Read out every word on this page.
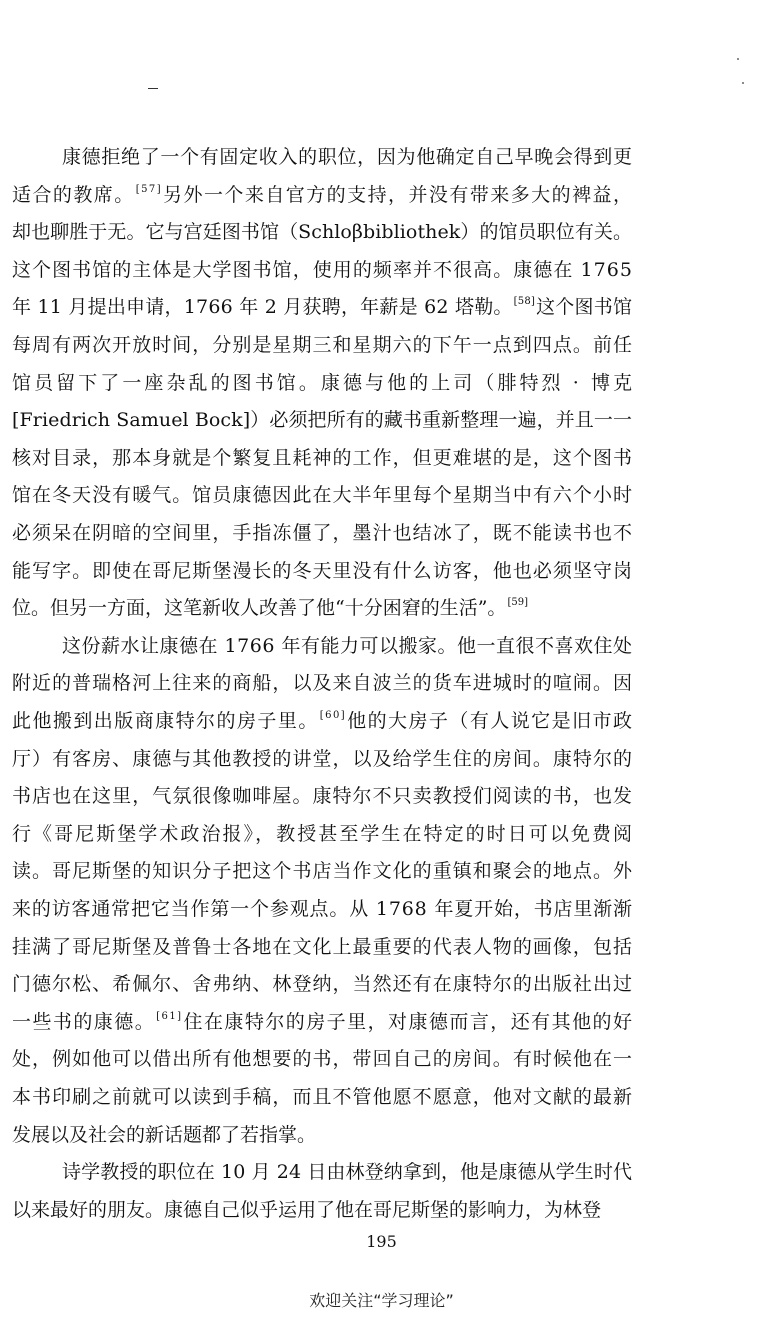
康德拒绝了一个有固定收入的职位，因为他确定自己早晚会得到更
适合的教席。[57]另外一个来自官方的支持，并没有带来多大的裨益，
却也聊胜于无。它与宫廷图书馆（Schloβbibliothek）的馆员职位有关。
这个图书馆的主体是大学图书馆，使用的频率并不很高。康德在 1765
年 11 月提出申请，1766 年 2 月获聘，年薪是 62 塔勒。[58]这个图书馆
每周有两次开放时间，分别是星期三和星期六的下午一点到四点。前任
馆员留下了一座杂乱的图书馆。康德与他的上司（腓特烈 · 博克
[Friedrich Samuel Bock]）必须把所有的藏书重新整理一遍，并且一一
核对目录，那本身就是个繁复且耗神的工作，但更难堪的是，这个图书
馆在冬天没有暖气。馆员康德因此在大半年里每个星期当中有六个小时
必须呆在阴暗的空间里，手指冻僵了，墨汁也结冰了，既不能读书也不
能写字。即使在哥尼斯堡漫长的冬天里没有什么访客，他也必须坚守岗
位。但另一方面，这笔新收人改善了他“十分困窘的生活”。[59]
这份薪水让康德在 1766 年有能力可以搬家。他一直很不喜欢住处
附近的普瑞格河上往来的商船，以及来自波兰的货车进城时的喧闹。因
此他搬到出版商康特尔的房子里。[60]他的大房子（有人说它是旧市政
厅）有客房、康德与其他教授的讲堂，以及给学生住的房间。康特尔的
书店也在这里，气氛很像咖啡屋。康特尔不只卖教授们阅读的书，也发
行《哥尼斯堡学术政治报》，教授甚至学生在特定的时日可以免费阅
读。哥尼斯堡的知识分子把这个书店当作文化的重镇和聚会的地点。外
来的访客通常把它当作第一个参观点。从 1768 年夏开始，书店里渐渐
挂满了哥尼斯堡及普鲁士各地在文化上最重要的代表人物的画像，包括
门德尔松、希佩尔、舍弗纳、林登纳，当然还有在康特尔的出版社出过
一些书的康德。[61]住在康特尔的房子里，对康德而言，还有其他的好
处，例如他可以借出所有他想要的书，带回自己的房间。有时候他在一
本书印刷之前就可以读到手稿，而且不管他愿不愿意，他对文献的最新
发展以及社会的新话题都了若指掌。
诗学教授的职位在 10 月 24 日由林登纳拿到，他是康德从学生时代
以来最好的朋友。康德自己似乎运用了他在哥尼斯堡的影响力，为林登
195
欢迎关注“学习理论”
